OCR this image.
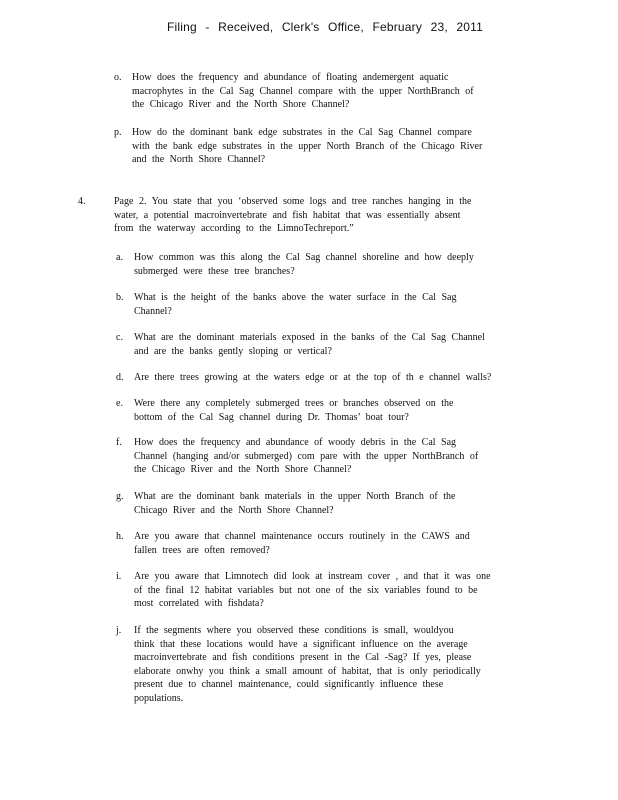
Filing - Received, Clerk's Office, February 23, 2011
o.	How does the frequency and abundance of floating andemergent aquatic
macrophytes in the Cal Sag Channel compare with the upper NorthBranch of
the Chicago River and the North Shore Channel?
p.	How do the dominant bank edge substrates in the Cal Sag Channel compare
with the bank edge substrates in the upper North Branch of the Chicago River
and the North Shore Channel?
4.	Page 2. You state that you ‘observed some logs and tree ranches hanging in the
water, a potential macroinvertebrate and fish habitat that was essentially absent
from the waterway according to the LimnoTechreport.”
a.	How common was this along the Cal Sag channel shoreline and how deeply
submerged were these tree branches?
b.	What is the height of the banks above the water surface in the Cal Sag
Channel?
c.	What are the dominant materials exposed in the banks of the Cal Sag Channel
and are the banks gently sloping or vertical?
d.	Are there trees growing at the waters edge or at the top of th e channel walls?
e.	Were there any completely submerged trees or branches observed on the
bottom of the Cal Sag channel during Dr. Thomas’ boat tour?
f.	How does the frequency and abundance of woody debris in the Cal Sag
Channel (hanging and/or submerged) com pare with the upper NorthBranch of
the Chicago River and the North Shore Channel?
g.	What are the dominant bank materials in the upper North Branch of the
Chicago River and the North Shore Channel?
h.	Are you aware that channel maintenance occurs routinely in the CAWS and
fallen trees are often removed?
i.	Are you aware that Limnotech did look at instream cover , and that it was one
of the final 12 habitat variables but not one of the six variables found to be
most correlated with fishdata?
j.	If the segments where you observed these conditions is small, wouldyou
think that these locations would have a significant influence on the average
macroinvertebrate and fish conditions present in the Cal -Sag? If yes, please
elaborate onwhy you think a small amount of habitat, that is only periodically
present due to channel maintenance, could significantly influence these
populations.
